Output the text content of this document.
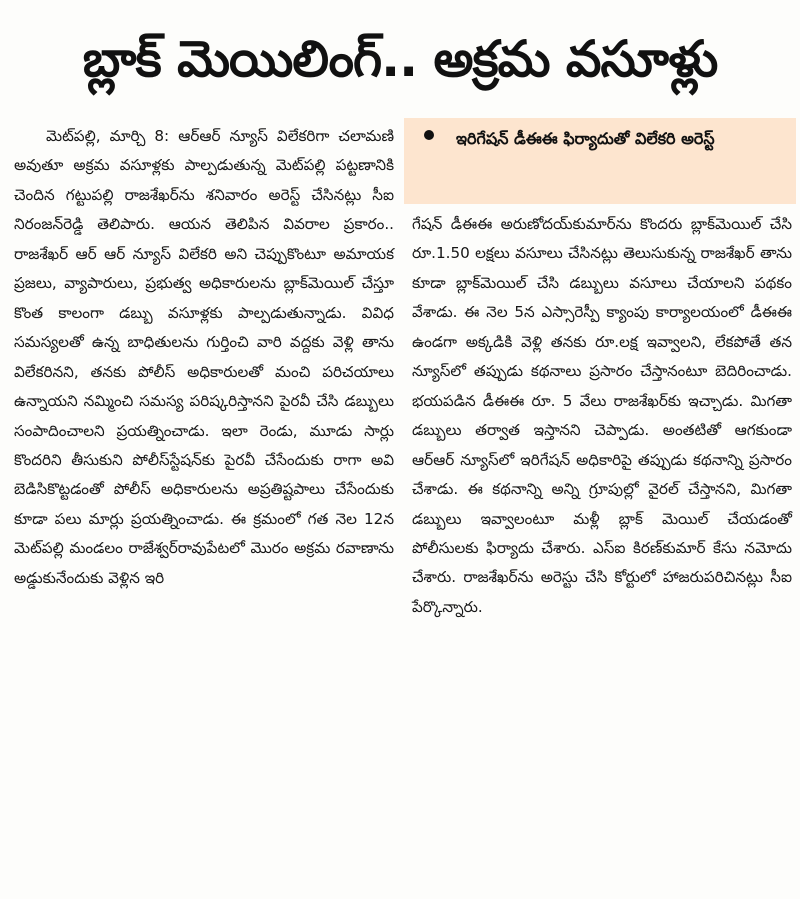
బ్లాక్ మెయిలింగ్.. అక్రమ వసూళ్లు

మెట్‌పల్లి, మార్చి 8: ఆర్‌ఆర్ న్యూస్ విలేకరిగా చలామణి అవుతూ అక్రమ వసూళ్లకు పాల్పడుతున్న మెట్‌పల్లి పట్టణానికి చెందిన గట్టుపల్లి రాజశేఖర్‌ను శనివారం అరెస్ట్ చేసినట్లు సీఐ నిరంజన్‌రెడ్డి తెలిపారు. ఆయన తెలిపిన వివరాల ప్రకారం.. రాజశేఖర్ ఆర్ ఆర్ న్యూస్ విలేకరి అని చెప్పుకొంటూ అమాయక ప్రజలు, వ్యాపారులు, ప్రభుత్వ అధికారులను బ్లాక్‌మెయిల్ చేస్తూ కొంత కాలంగా డబ్బు వసూళ్లకు పాల్పడుతున్నాడు. వివిధ సమస్యలతో ఉన్న బాధితులను గుర్తించి వారి వద్దకు వెళ్లి తాను విలేకరినని, తనకు పోలీస్ అధికారులతో మంచి పరిచయాలు ఉన్నాయని నమ్మించి సమస్య పరిష్కరిస్తానని పైరవీ చేసి డబ్బులు సంపాదించాలని ప్రయత్నించాడు. ఇలా రెండు, మూడు సార్లు కొందరిని తీసుకుని పోలీస్‌స్టేషన్‌కు పైరవీ చేసేందుకు రాగా అవి బెడిసికొట్టడంతో పోలీస్ అధికారులను అప్రతిష్టపాలు చేసేందుకు కూడా పలు మార్లు ప్రయత్నించాడు. ఈ క్రమంలో గత నెల 12న మెట్‌పల్లి మండలం రాజేశ్వర్‌రావుపేటలో మొరం అక్రమ రవాణాను అడ్డుకునేందుకు వెళ్లిన ఇరి

ఇరిగేషన్ డీఈఈ ఫిర్యాదుతో విలేకరి అరెస్ట్

గేషన్ డీఈఈ అరుణోదయ్‌కుమార్‌ను కొందరు బ్లాక్‌మెయిల్ చేసి రూ.1.50 లక్షలు వసూలు చేసినట్లు తెలుసుకున్న రాజశేఖర్ తాను కూడా బ్లాక్‌మెయిల్ చేసి డబ్బులు వసూలు చేయాలని పథకం వేశాడు. ఈ నెల 5న ఎస్సారెస్పీ క్యాంపు కార్యాలయంలో డీఈఈ ఉండగా అక్కడికి వెళ్లి తనకు రూ.లక్ష ఇవ్వాలని, లేకపోతే తన న్యూస్‌లో తప్పుడు కథనాలు ప్రసారం చేస్తానంటూ బెదిరించాడు. భయపడిన డీఈఈ రూ. 5 వేలు రాజశేఖర్‌కు ఇచ్చాడు. మిగతా డబ్బులు తర్వాత ఇస్తానని చెప్పాడు. అంతటితో ఆగకుండా ఆర్‌ఆర్ న్యూస్‌లో ఇరిగేషన్ అధికారిపై తప్పుడు కథనాన్ని ప్రసారం చేశాడు. ఈ కథనాన్ని అన్ని గ్రూపుల్లో వైరల్ చేస్తానని, మిగతా డబ్బులు ఇవ్వాలంటూ మళ్లీ బ్లాక్ మెయిల్ చేయడంతో పోలీసులకు ఫిర్యాదు చేశారు. ఎస్ఐ కిరణ్‌కుమార్ కేసు నమోదు చేశారు. రాజశేఖర్‌ను అరెస్టు చేసి కోర్టులో హాజరుపరిచినట్లు సీఐ పేర్కొన్నారు.
